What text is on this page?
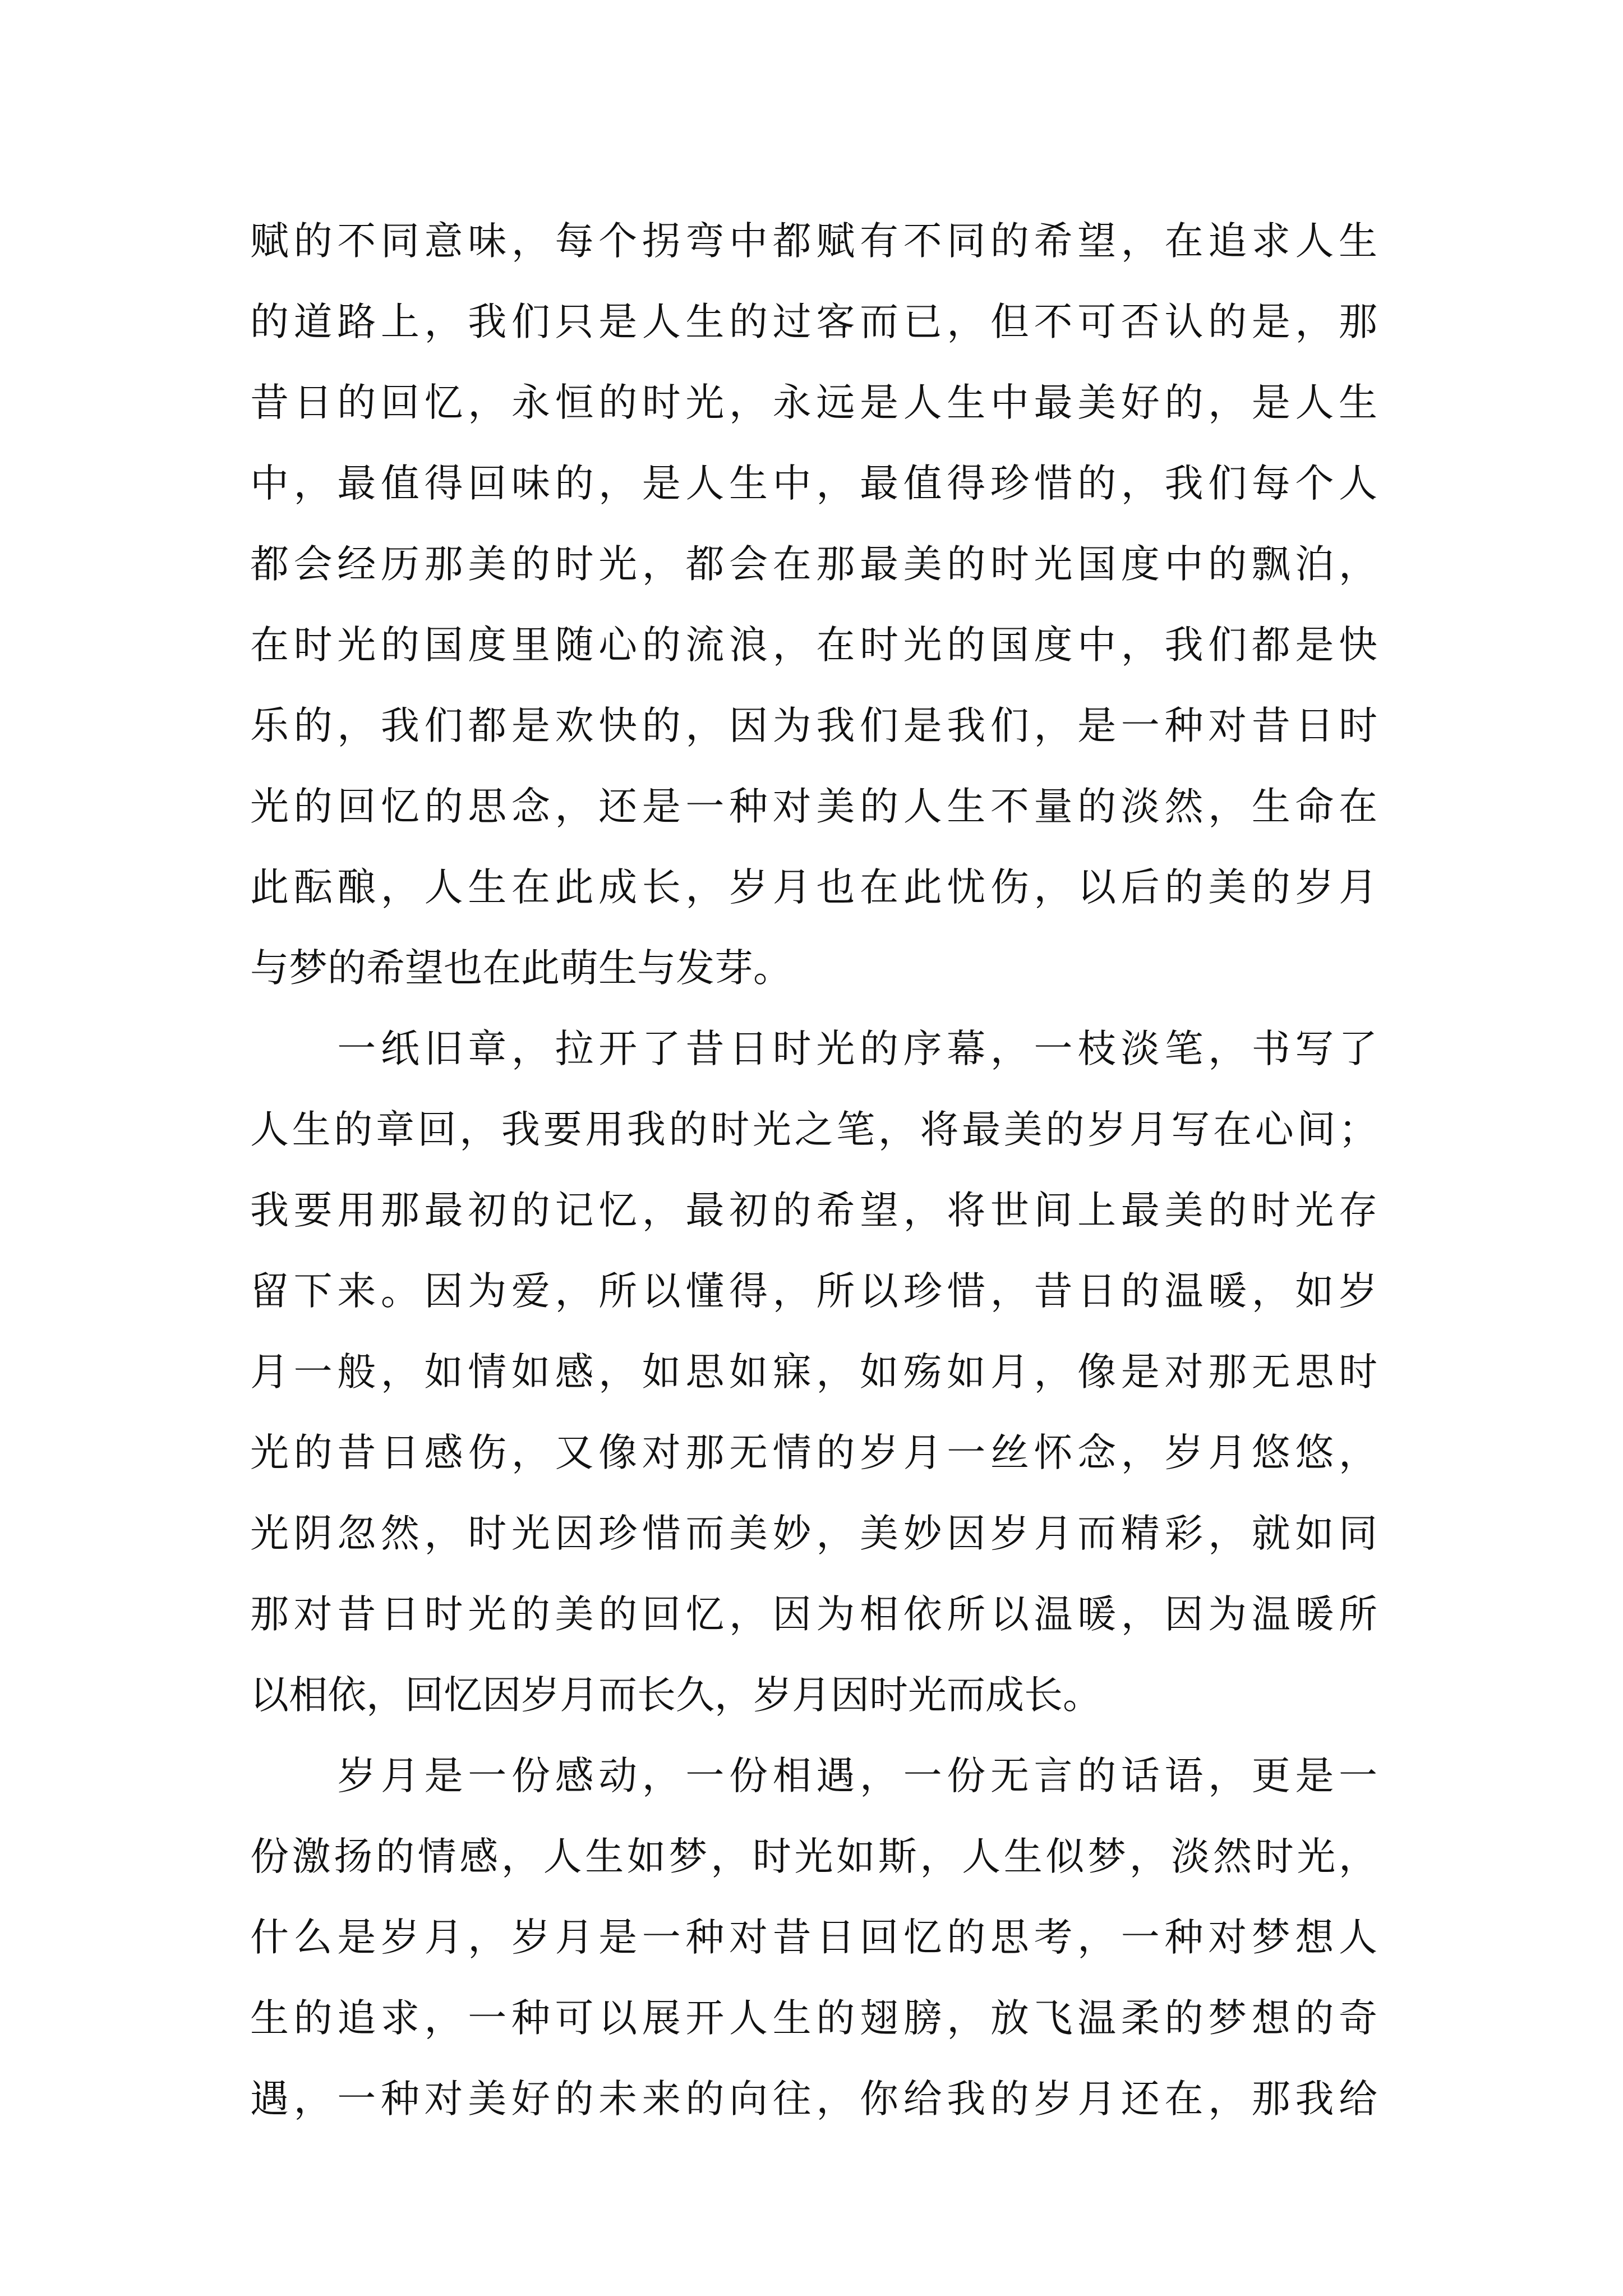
赋的不同意味，每个拐弯中都赋有不同的希望，在追求人生
的道路上，我们只是人生的过客而已，但不可否认的是，那
昔日的回忆，永恒的时光，永远是人生中最美好的，是人生
中，最值得回味的，是人生中，最值得珍惜的，我们每个人
都会经历那美的时光，都会在那最美的时光国度中的飘泊，
在时光的国度里随心的流浪，在时光的国度中，我们都是快
乐的，我们都是欢快的，因为我们是我们，是一种对昔日时
光的回忆的思念，还是一种对美的人生不量的淡然，生命在
此酝酿，人生在此成长，岁月也在此忧伤，以后的美的岁月
与梦的希望也在此萌生与发芽。
　　一纸旧章，拉开了昔日时光的序幕，一枝淡笔，书写了
人生的章回，我要用我的时光之笔，将最美的岁月写在心间；
我要用那最初的记忆，最初的希望，将世间上最美的时光存
留下来。因为爱，所以懂得，所以珍惜，昔日的温暖，如岁
月一般，如情如感，如思如寐，如殇如月，像是对那无思时
光的昔日感伤，又像对那无情的岁月一丝怀念，岁月悠悠，
光阴忽然，时光因珍惜而美妙，美妙因岁月而精彩，就如同
那对昔日时光的美的回忆，因为相依所以温暖，因为温暖所
以相依，回忆因岁月而长久，岁月因时光而成长。
　　岁月是一份感动，一份相遇，一份无言的话语，更是一
份激扬的情感，人生如梦，时光如斯，人生似梦，淡然时光，
什么是岁月，岁月是一种对昔日回忆的思考，一种对梦想人
生的追求，一种可以展开人生的翅膀，放飞温柔的梦想的奇
遇，一种对美好的未来的向往，你给我的岁月还在，那我给
